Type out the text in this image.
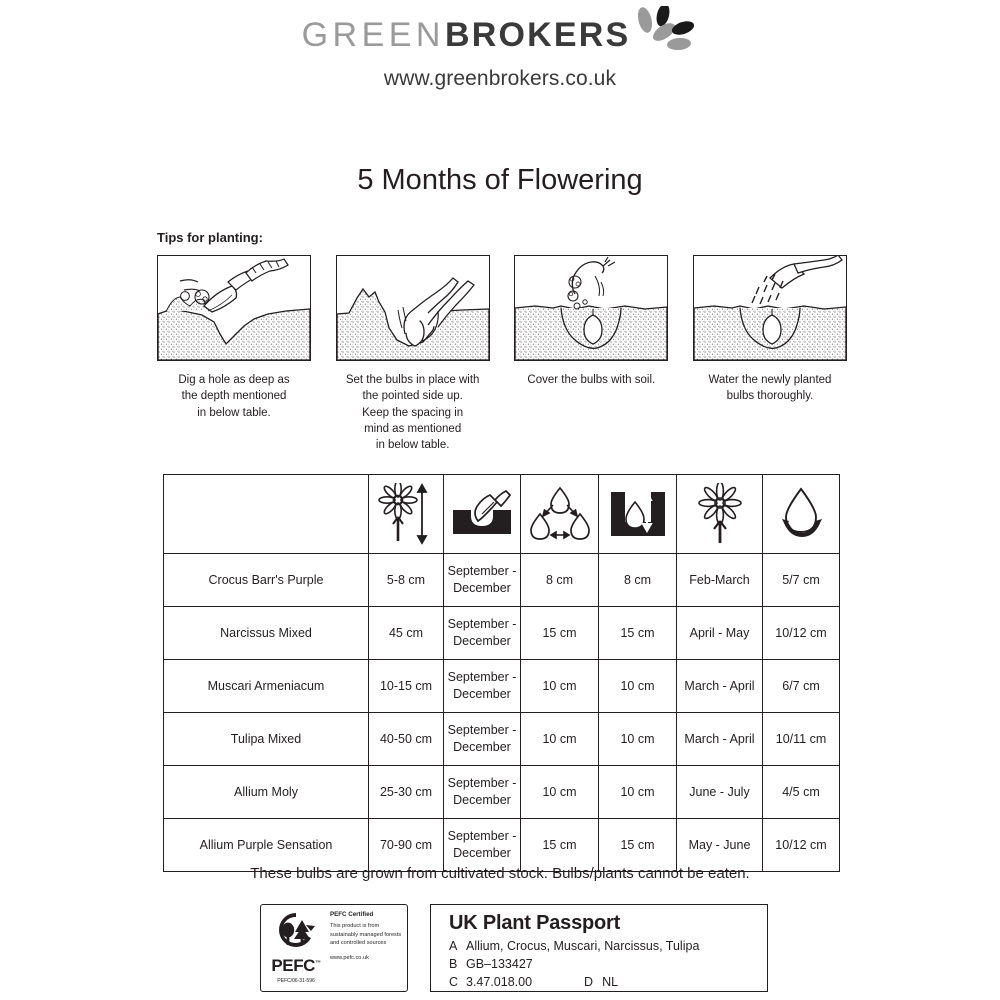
GREEN BROKERS
www.greenbrokers.co.uk
5 Months of Flowering
Tips for planting:
Dig a hole as deep as
the depth mentioned
in below table.
Set the bulbs in place with
the pointed side up.
Keep the spacing in
mind as mentioned
in below table.
Cover the bulbs with soil.	Water the newly planted
bulbs thoroughly.

Crocus Barr's Purple	5-8 cm	September -
December	8 cm	8 cm	Feb-March	5/7 cm
Narcissus Mixed	45 cm	September -
December	15 cm	15 cm	April - May	10/12 cm
Muscari Armeniacum	10-15 cm	September -
December	10 cm	10 cm	March - April	6/7 cm
Tulipa Mixed	40-50 cm	September -
December	10 cm	10 cm	March - April	10/11 cm
Allium Moly	25-30 cm	September -
December	10 cm	10 cm	June - July	4/5 cm
Allium Purple Sensation	70-90 cm	September -
December	15 cm	15 cm	May - June	10/12 cm
These bulbs are grown from cultivated stock. Bulbs/plants cannot be eaten.
PEFC™
PEFC/06-31-596
PEFC Certified
This product is from sustainably managed forests and controlled sources
www.pefc.co.uk
UK Plant Passport
A Allium, Crocus, Muscari, Narcissus, Tulipa
B GB–133427
C 3.47.018.00	D NL
